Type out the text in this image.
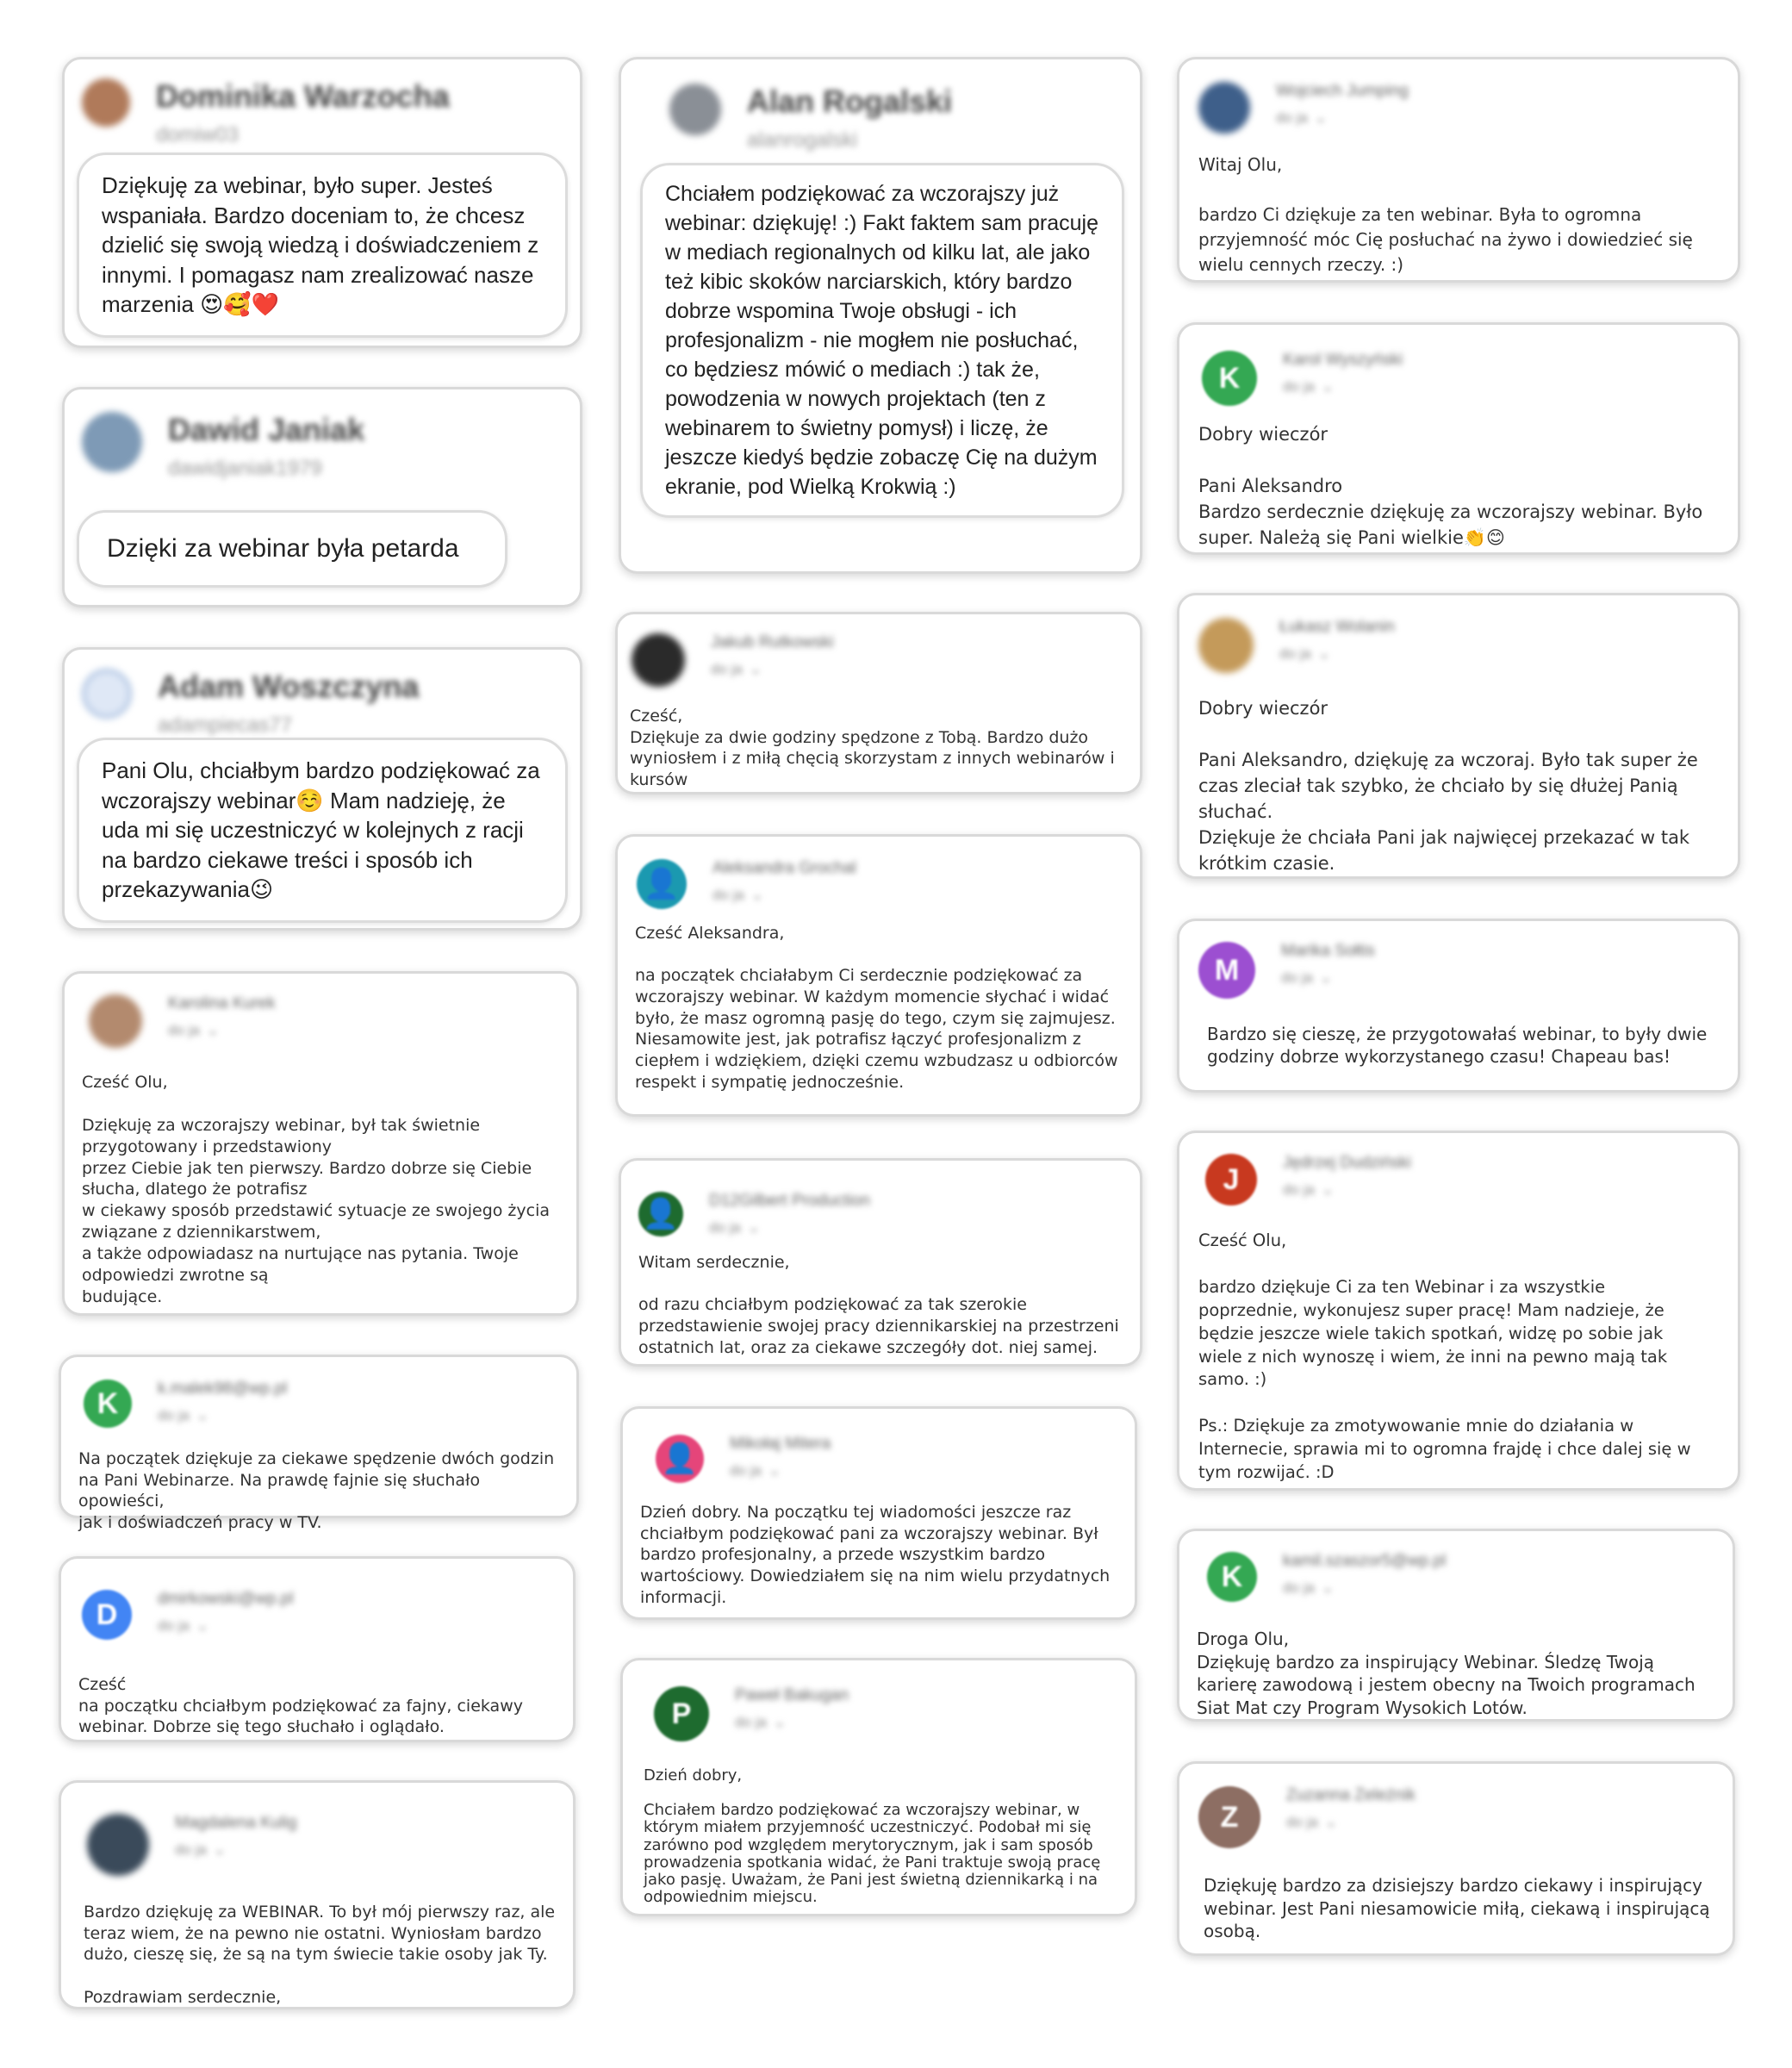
Dominika Warzocha
domiw03
Dziękuję za webinar, było super. Jesteś wspaniała. Bardzo doceniam to, że chcesz dzielić się swoją wiedzą i doświadczeniem z innymi. I pomagasz nam zrealizować nasze marzenia 😍🥰❤️
Dawid Janiak
dawidjaniak1979
Dzięki za webinar była petarda
Adam Woszczyna
adampiecas77
Pani Olu, chciałbym bardzo podziękować za wczorajszy webinar☺️ Mam nadzieję, że uda mi się uczestniczyć w kolejnych z racji na bardzo ciekawe treści i sposób ich przekazywania😉
Karolina Kurek
do ja ⌄
Cześć Olu,

Dziękuję za wczorajszy webinar, był tak świetnie
przygotowany i przedstawiony
przez Ciebie jak ten pierwszy. Bardzo dobrze się Ciebie
słucha, dlatego że potrafisz
w ciekawy sposób przedstawić sytuacje ze swojego życia
związane z dziennikarstwem,
a także odpowiadasz na nurtujące nas pytania. Twoje
odpowiedzi zwrotne są
budujące.
K	k.malek98@wp.pl
do ja ⌄
Na początek dziękuje za ciekawe spędzenie dwóch godzin
na Pani Webinarze. Na prawdę fajnie się słuchało opowieści,
jak i doświadczeń pracy w TV.
D	dmirkowski@wp.pl
do ja ⌄
Cześć
na początku chciałbym podziękować za fajny, ciekawy
webinar. Dobrze się tego słuchało i oglądało.
Magdalena Kulig
do ja ⌄
Bardzo dziękuję za WEBINAR. To był mój pierwszy raz, ale
teraz wiem, że na pewno nie ostatni. Wyniosłam bardzo
dużo, cieszę się, że są na tym świecie takie osoby jak Ty.

Pozdrawiam serdecznie,
Alan Rogalski
alanrogalski
Chciałem podziękować za wczorajszy już webinar: dziękuję! :) Fakt faktem sam pracuję w mediach regionalnych od kilku lat, ale jako też kibic skoków narciarskich, który bardzo dobrze wspomina Twoje obsługi - ich profesjonalizm - nie mogłem nie posłuchać, co będziesz mówić o mediach :) tak że, powodzenia w nowych projektach (ten z webinarem to świetny pomysł) i liczę, że jeszcze kiedyś będzie zobaczę Cię na dużym ekranie, pod Wielką Krokwią :)
Jakub Rutkowski
do ja ⌄
Cześć,
Dziękuje za dwie godziny spędzone z Tobą. Bardzo dużo
wyniosłem i z miłą chęcią skorzystam z innych webinarów i
kursów
👤	Aleksandra Grochal
do ja ⌄
Cześć Aleksandra,

na początek chciałabym Ci serdecznie podziękować za
wczorajszy webinar. W każdym momencie słychać i widać
było, że masz ogromną pasję do tego, czym się zajmujesz.
Niesamowite jest, jak potrafisz łączyć profesjonalizm z
ciepłem i wdziękiem, dzięki czemu wzbudzasz u odbiorców
respekt i sympatię jednocześnie.
👤 D12Gilbert Production
do ja ⌄
Witam serdecznie,

od razu chciałbym podziękować za tak szerokie
przedstawienie swojej pracy dziennikarskiej na przestrzeni
ostatnich lat, oraz za ciekawe szczegóły dot. niej samej.
👤	Mikołaj Mitera
do ja ⌄
Dzień dobry. Na początku tej wiadomości jeszcze raz
chciałbym podziękować pani za wczorajszy webinar. Był
bardzo profesjonalny, a przede wszystkim bardzo
wartościowy. Dowiedziałem się na nim wielu przydatnych
informacji.
P
Paweł Bakugan
do ja ⌄
Dzień dobry,

Chciałem bardzo podziękować za wczorajszy webinar, w
którym miałem przyjemność uczestniczyć. Podobał mi się
zarówno pod względem merytorycznym, jak i sam sposób
prowadzenia spotkania widać, że Pani traktuje swoją pracę
jako pasję. Uważam, że Pani jest świetną dziennikarką i na
odpowiednim miejscu.
Wojciech Jumping
do ja ⌄
Witaj Olu,

bardzo Ci dziękuje za ten webinar. Była to ogromna
przyjemność móc Cię posłuchać na żywo i dowiedzieć się
wielu cennych rzeczy. :)
K
Karol Wyszyński
do ja ⌄
Dobry wieczór

Pani Aleksandro
Bardzo serdecznie dziękuję za wczorajszy webinar. Było
super. Należą się Pani wielkie👏😊
Łukasz Wolanin
do ja ⌄
Dobry wieczór

Pani Aleksandro, dziękuję za wczoraj. Było tak super że
czas zleciał tak szybko, że chciało by się dłużej Panią
słuchać.
Dziękuje że chciała Pani jak najwięcej przekazać w tak
krótkim czasie.
M
Marika Sołtis
do ja ⌄
Bardzo się cieszę, że przygotowałaś webinar, to były dwie
godziny dobrze wykorzystanego czasu! Chapeau bas!
J	Jędrzej Dudziński
do ja ⌄
Cześć Olu,

bardzo dziękuje Ci za ten Webinar i za wszystkie
poprzednie, wykonujesz super pracę! Mam nadzieje, że
będzie jeszcze wiele takich spotkań, widzę po sobie jak
wiele z nich wynoszę i wiem, że inni na pewno mają tak
samo. :)

Ps.: Dziękuje za zmotywowanie mnie do działania w
Internecie, sprawia mi to ogromna frajdę i chce dalej się w
tym rozwijać. :D
K	kamil.szaszor5@wp.pl
do ja ⌄
Droga Olu,
Dziękuję bardzo za inspirujący Webinar. Śledzę Twoją
karierę zawodową i jestem obecny na Twoich programach
Siat Mat czy Program Wysokich Lotów.
Z
Zuzanna Żeleźnik
do ja ⌄
Dziękuję bardzo za dzisiejszy bardzo ciekawy i inspirujący
webinar. Jest Pani niesamowicie miłą, ciekawą i inspirującą
osobą.
